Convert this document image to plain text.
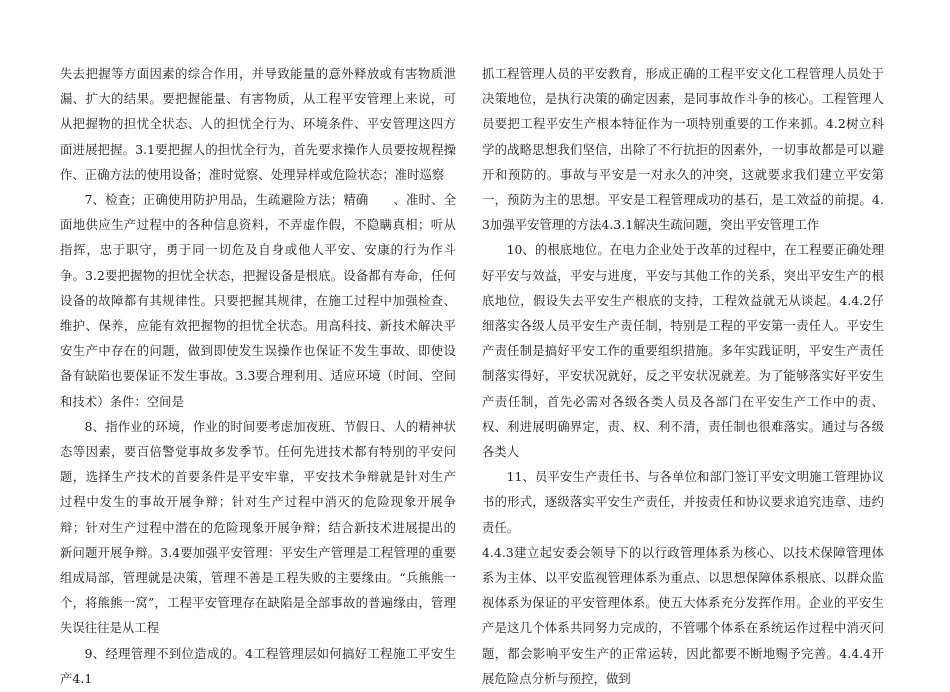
失去把握等方面因素的综合作用，并导致能量的意外释放或有害物质泄漏、扩大的结果。要把握能量、有害物质，从工程平安管理上来说，可从把握物的担忧全状态、人的担忧全行为、环境条件、平安管理这四方面进展把握。3.1要把握人的担忧全行为，首先要求操作人员要按规程操作、正确方法的使用设备；准时觉察、处理异样或危险状态；准时巡察

7、检查；正确使用防护用品，生疏避险方法；精确　　、准时、全面地供应生产过程中的各种信息资料，不弄虚作假，不隐瞒真相；听从指挥，忠于职守，勇于同一切危及自身或他人平安、安康的行为作斗争。3.2要把握物的担忧全状态，把握设备是根底。设备都有寿命，任何设备的故障都有其规律性。只要把握其规律，在施工过程中加强检查、维护、保养，应能有效把握物的担忧全状态。用高科技、新技术解决平安生产中存在的问题，做到即使发生误操作也保证不发生事故、即使设备有缺陷也要保证不发生事故。3.3要合理利用、适应环境（时间、空间和技术）条件：空间是

8、指作业的环境，作业的时间要考虑加夜班、节假日、人的精神状态等因素，要百倍警觉事故多发季节。任何先进技术都有特别的平安问题，选择生产技术的首要条件是平安牢靠，平安技术争辩就是针对生产过程中发生的事故开展争辩；针对生产过程中消灭的危险现象开展争辩；针对生产过程中潜在的危险现象开展争辩；结合新技术进展提出的新问题开展争辩。3.4要加强平安管理：平安生产管理是工程管理的重要组成局部，管理就是决策，管理不善是工程失败的主要缘由。“兵熊熊一个，将熊熊一窝”，工程平安管理存在缺陷是全部事故的普遍缘由，管理失误往往是从工程

9、经理管理不到位造成的。4工程管理层如何搞好工程施工平安生产4.1

抓工程管理人员的平安教育，形成正确的工程平安文化工程管理人员处于决策地位，是执行决策的确定因素，是同事故作斗争的核心。工程管理人员要把工程平安生产根本特征作为一项特别重要的工作来抓。4.2树立科学的战略思想我们坚信，出除了不行抗拒的因素外，一切事故都是可以避开和预防的。事故与平安是一对永久的冲突，这就要求我们建立平安第一，预防为主的思想。平安是工程管理成功的基石，是工效益的前提。4.3加强平安管理的方法4.3.1解决生疏问题，突出平安管理工作

10、的根底地位。在电力企业处于改革的过程中，在工程要正确处理好平安与效益，平安与进度，平安与其他工作的关系，突出平安生产的根底地位，假设失去平安生产根底的支持，工程效益就无从谈起。4.4.2仔细落实各级人员平安生产责任制，特别是工程的平安第一责任人。平安生产责任制是搞好平安工作的重要组织措施。多年实践证明，平安生产责任制落实得好，平安状况就好，反之平安状况就差。为了能够落实好平安生产责任制，首先必需对各级各类人员及各部门在平安生产工作中的责、权、利进展明确界定，责、权、利不清，责任制也很难落实。通过与各级各类人

11、员平安生产责任书、与各单位和部门签订平安文明施工管理协议书的形式，逐级落实平安生产责任，并按责任和协议要求追究违章、违约责任。

4.4.3建立起安委会领导下的以行政管理体系为核心、以技术保障管理体系为主体、以平安监视管理体系为重点、以思想保障体系根底、以群众监视体系为保证的平安管理体系。使五大体系充分发挥作用。企业的平安生产是这几个体系共同努力完成的，不管哪个体系在系统运作过程中消灭问题，都会影响平安生产的正常运转，因此都要不断地赐予完善。4.4.4开展危险点分析与预控，做到
